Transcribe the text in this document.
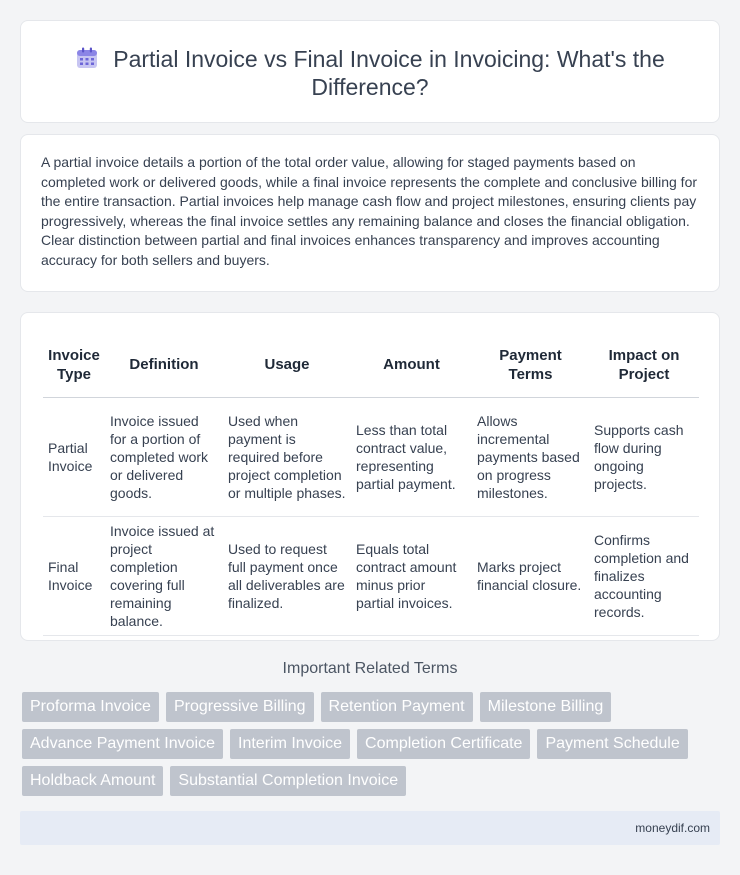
Partial Invoice vs Final Invoice in Invoicing: What's the Difference?

A partial invoice details a portion of the total order value, allowing for staged payments based on completed work or delivered goods, while a final invoice represents the complete and conclusive billing for the entire transaction. Partial invoices help manage cash flow and project milestones, ensuring clients pay progressively, whereas the final invoice settles any remaining balance and closes the financial obligation. Clear distinction between partial and final invoices enhances transparency and improves accounting accuracy for both sellers and buyers.

Invoice Type	Definition	Usage	Amount	Payment Terms	Impact on Project
Partial Invoice	Invoice issued for a portion of completed work or delivered goods.	Used when payment is required before project completion or multiple phases.	Less than total contract value, representing partial payment.	Allows incremental payments based on progress milestones.	Supports cash flow during ongoing projects.
Final Invoice	Invoice issued at project completion covering full remaining balance.	Used to request full payment once all deliverables are finalized.	Equals total contract amount minus prior partial invoices.	Marks project financial closure.	Confirms completion and finalizes accounting records.
Important Related Terms
Proforma Invoice	Progressive Billing	Retention Payment	Milestone Billing
Advance Payment Invoice	Interim Invoice	Completion Certificate	Payment Schedule
Holdback Amount	Substantial Completion Invoice
moneydif.com
